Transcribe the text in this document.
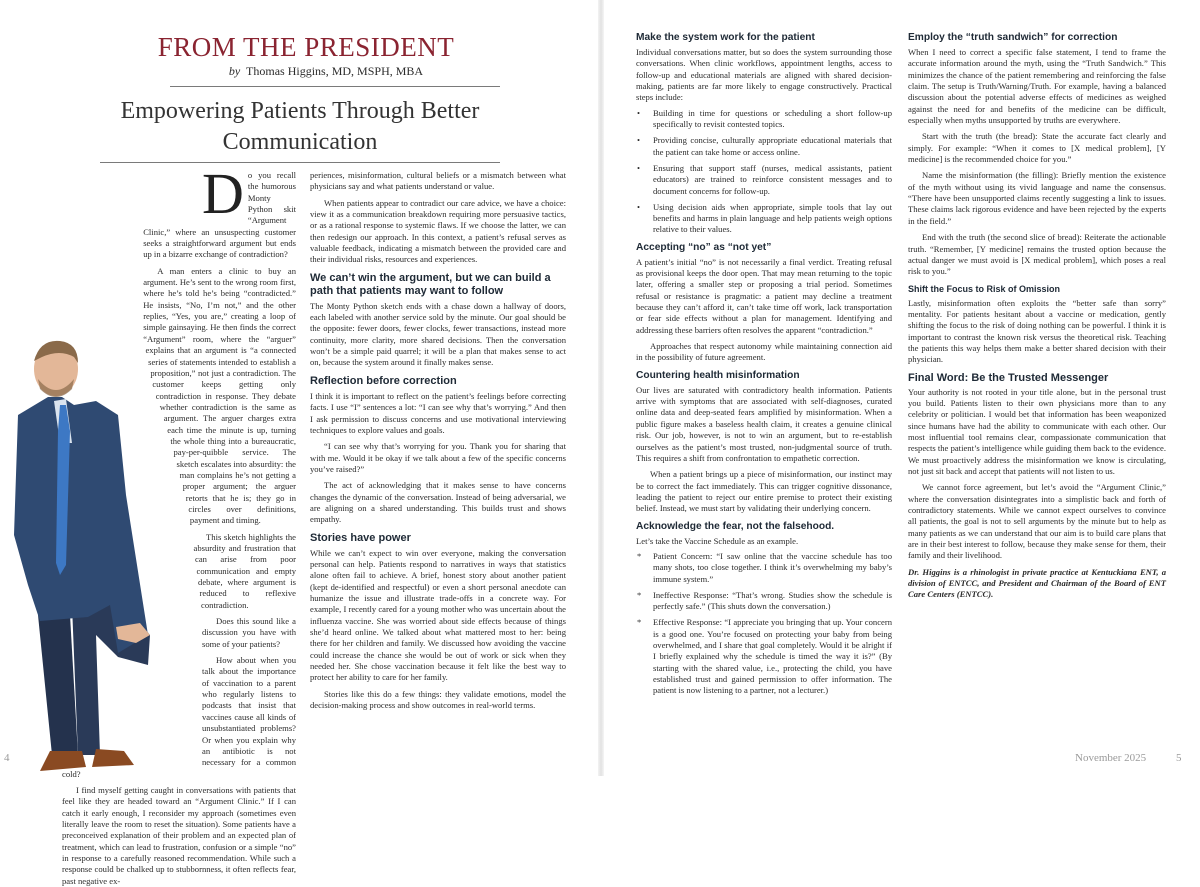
FROM THE PRESIDENT
by Thomas Higgins, MD, MSPH, MBA
Empowering Patients Through Better Communication

Do you recall the humorous Monty Python skit “Argument Clinic,” where an unsuspecting customer seeks a straightforward argument but ends up in a bizarre exchange of contradiction?

A man enters a clinic to buy an argument. He’s sent to the wrong room first, where he’s told he’s being “contradicted.” He insists, “No, I’m not,” and the other replies, “Yes, you are,” creating a loop of simple gainsaying. He then finds the correct “Argument” room, where the “arguer” explains that an argument is “a connected series of statements intended to establish a proposition,” not just a contradiction. The customer keeps getting only contradiction in response. They debate whether contradiction is the same as argument. The arguer charges extra each time the minute is up, turning the whole thing into a bureaucratic, pay-per-quibble service. The sketch escalates into absurdity: the man complains he’s not getting a proper argument; the arguer retorts that he is; they go in circles over definitions, payment and timing.

This sketch highlights the absurdity and frustration that can arise from poor communication and empty debate, where argument is reduced to reflexive contradiction.

Does this sound like a discussion you have with some of your patients?

How about when you talk about the importance of vaccination to a parent who regularly listens to podcasts that insist that vaccines cause all kinds of unsubstantiated problems? Or when you explain why an antibiotic is not necessary for a common cold?

I find myself getting caught in conversations with patients that feel like they are headed toward an “Argument Clinic.” If I can catch it early enough, I reconsider my approach (sometimes even literally leave the room to reset the situation). Some patients have a preconceived explanation of their problem and an expected plan of treatment, which can lead to frustration, confusion or a simple “no” in response to a carefully reasoned recommendation. While such a response could be chalked up to stubbornness, it often reflects fear, past negative ex-

periences, misinformation, cultural beliefs or a mismatch between what physicians say and what patients understand or value.

When patients appear to contradict our care advice, we have a choice: view it as a communication breakdown requiring more persuasive tactics, or as a rational response to systemic flaws. If we choose the latter, we can then redesign our approach. In this context, a patient’s refusal serves as valuable feedback, indicating a mismatch between the provided care and their individual risks, resources and experiences.

We can’t win the argument, but we can build a path that patients may want to follow

The Monty Python sketch ends with a chase down a hallway of doors, each labeled with another service sold by the minute. Our goal should be the opposite: fewer doors, fewer clocks, fewer transactions, instead more continuity, more clarity, more shared decisions. Then the conversation won’t be a simple paid quarrel; it will be a plan that makes sense to act on, because the system around it finally makes sense.

Reflection before correction

I think it is important to reflect on the patient’s feelings before correcting facts. I use “I” sentences a lot: “I can see why that’s worrying.” And then I ask permission to discuss concerns and use motivational interviewing techniques to explore values and goals.

“I can see why that’s worrying for you. Thank you for sharing that with me. Would it be okay if we talk about a few of the specific concerns you’ve raised?”

The act of acknowledging that it makes sense to have concerns changes the dynamic of the conversation. Instead of being adversarial, we are aligning on a shared understanding. This builds trust and shows empathy.

Stories have power

While we can’t expect to win over everyone, making the conversation personal can help. Patients respond to narratives in ways that statistics alone often fail to achieve. A brief, honest story about another patient (kept de-identified and respectful) or even a short personal anecdote can humanize the issue and illustrate trade-offs in a concrete way. For example, I recently cared for a young mother who was uncertain about the influenza vaccine. She was worried about side effects because of things she’d heard online. We talked about what mattered most to her: being there for her children and family. We discussed how avoiding the vaccine could increase the chance she would be out of work or sick when they needed her. She chose vaccination because it felt like the best way to protect her ability to care for her family.

Stories like this do a few things: they validate emotions, model the decision-making process and show outcomes in real-world terms.

4
Make the system work for the patient

Individual conversations matter, but so does the system surrounding those conversations. When clinic workflows, appointment lengths, access to follow-up and educational materials are aligned with shared decision-making, patients are far more likely to engage constructively. Practical steps include:

• Building in time for questions or scheduling a short follow-up specifically to revisit contested topics.
• Providing concise, culturally appropriate educational materials that the patient can take home or access online.
• Ensuring that support staff (nurses, medical assistants, patient educators) are trained to reinforce consistent messages and to document concerns for follow-up.
• Using decision aids when appropriate, simple tools that lay out benefits and harms in plain language and help patients weigh options relative to their values.
Accepting “no” as “not yet”

A patient’s initial “no” is not necessarily a final verdict. Treating refusal as provisional keeps the door open. That may mean returning to the topic later, offering a smaller step or proposing a trial period. Sometimes refusal or resistance is pragmatic: a patient may decline a treatment because they can’t afford it, can’t take time off work, lack transportation or fear side effects without a plan for management. Identifying and addressing these barriers often resolves the apparent “contradiction.”

Approaches that respect autonomy while maintaining connection aid in the possibility of future agreement.

Countering health misinformation

Our lives are saturated with contradictory health information. Patients arrive with symptoms that are associated with self-diagnoses, curated online data and deep-seated fears amplified by misinformation. When a public figure makes a baseless health claim, it creates a genuine clinical risk. Our job, however, is not to win an argument, but to re-establish ourselves as the patient’s most trusted, non-judgmental source of truth. This requires a shift from confrontation to empathetic correction.

When a patient brings up a piece of misinformation, our instinct may be to correct the fact immediately. This can trigger cognitive dissonance, leading the patient to reject our entire premise to protect their existing belief. Instead, we must start by validating their underlying concern.

Acknowledge the fear, not the falsehood.

Let’s take the Vaccine Schedule as an example.

* Patient Concern: “I saw online that the vaccine schedule has too many shots, too close together. I think it’s overwhelming my baby’s immune system.”
* Ineffective Response: “That’s wrong. Studies show the schedule is perfectly safe.” (This shuts down the conversation.)
* Effective Response: “I appreciate you bringing that up. Your concern is a good one. You’re focused on protecting your baby from being overwhelmed, and I share that goal completely. Would it be alright if I briefly explained why the schedule is timed the way it is?” (By starting with the shared value, i.e., protecting the child, you have established trust and gained permission to offer information. The patient is now listening to a partner, not a lecturer.)
Employ the “truth sandwich” for correction

When I need to correct a specific false statement, I tend to frame the accurate information around the myth, using the “Truth Sandwich.” This minimizes the chance of the patient remembering and reinforcing the false claim. The setup is Truth/Warning/Truth. For example, having a balanced discussion about the potential adverse effects of medicines as weighed against the need for and benefits of the medicine can be difficult, especially when myths unsupported by truths are everywhere.

Start with the truth (the bread): State the accurate fact clearly and simply. For example: “When it comes to [X medical problem], [Y medicine] is the recommended choice for you.”

Name the misinformation (the filling): Briefly mention the existence of the myth without using its vivid language and name the consensus. “There have been unsupported claims recently suggesting a link to issues. These claims lack rigorous evidence and have been rejected by the experts in the field.”

End with the truth (the second slice of bread): Reiterate the actionable truth. “Remember, [Y medicine] remains the trusted option because the actual danger we must avoid is [X medical problem], which poses a real risk to you.”

Shift the Focus to Risk of Omission

Lastly, misinformation often exploits the “better safe than sorry” mentality. For patients hesitant about a vaccine or medication, gently shifting the focus to the risk of doing nothing can be powerful. I think it is important to contrast the known risk versus the theoretical risk. Teaching the patients this way helps them make a better shared decision with their physician.

Final Word: Be the Trusted Messenger

Your authority is not rooted in your title alone, but in the personal trust you build. Patients listen to their own physicians more than to any celebrity or politician. I would bet that information has been weaponized since humans have had the ability to communicate with each other. Our most influential tool remains clear, compassionate communication that respects the patient’s intelligence while guiding them back to the evidence. We must proactively address the misinformation we know is circulating, not just sit back and accept that patients will not listen to us.

We cannot force agreement, but let’s avoid the “Argument Clinic,” where the conversation disintegrates into a simplistic back and forth of contradictory statements. While we cannot expect ourselves to convince all patients, the goal is not to sell arguments by the minute but to help as many patients as we can understand that our aim is to build care plans that are in their best interest to follow, because they make sense for them, their family and their livelihood.

Dr. Higgins is a rhinologist in private practice at Kentuckiana ENT, a division of ENTCC, and President and Chairman of the Board of ENT Care Centers (ENTCC).

November 2025	5
